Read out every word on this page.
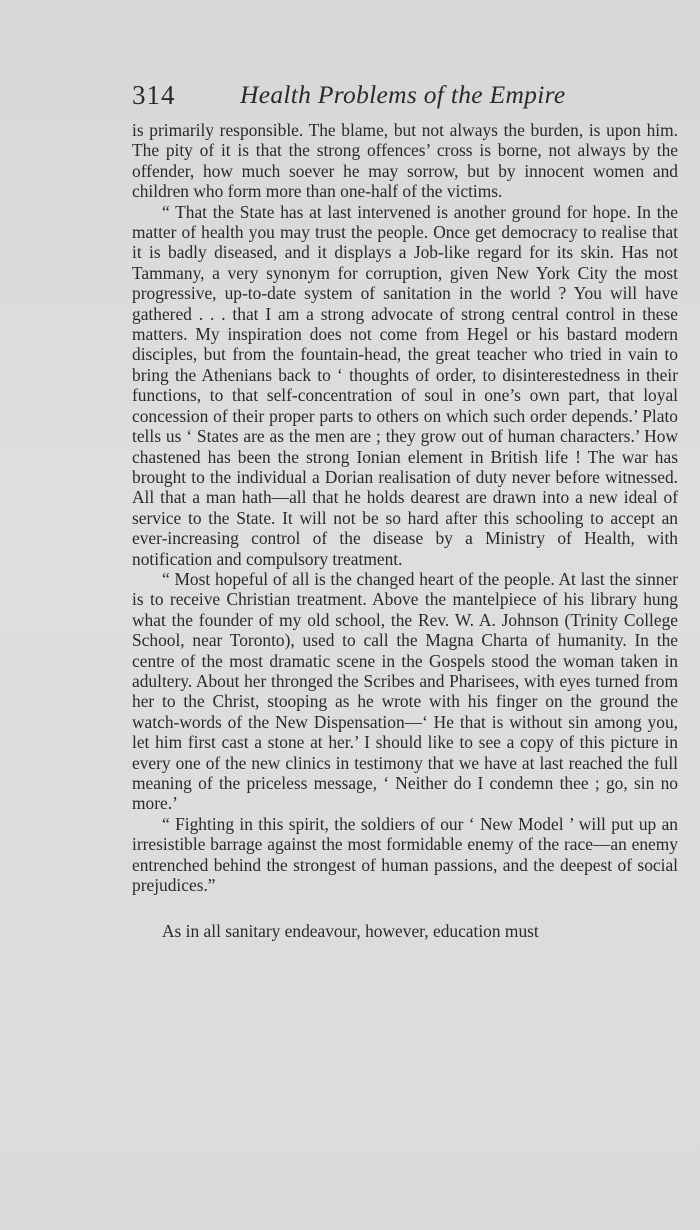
314	Health Problems of the Empire

is primarily responsible. The blame, but not always the burden, is upon him. The pity of it is that the strong offences’ cross is borne, not always by the offender, how much soever he may sorrow, but by innocent women and children who form more than one-half of the victims.

“ That the State has at last intervened is another ground for hope. In the matter of health you may trust the people. Once get democracy to realise that it is badly diseased, and it displays a Job-like regard for its skin. Has not Tammany, a very synonym for corruption, given New York City the most progressive, up-to-date system of sanitation in the world ? You will have gathered . . . that I am a strong advocate of strong central control in these matters. My inspiration does not come from Hegel or his bastard modern disciples, but from the fountain-head, the great teacher who tried in vain to bring the Athenians back to ‘ thoughts of order, to disinterestedness in their functions, to that self-concentration of soul in one’s own part, that loyal concession of their proper parts to others on which such order depends.’ Plato tells us ‘ States are as the men are ; they grow out of human characters.’ How chastened has been the strong Ionian element in British life ! The war has brought to the individual a Dorian realisation of duty never before witnessed. All that a man hath—all that he holds dearest are drawn into a new ideal of service to the State. It will not be so hard after this schooling to accept an ever-increasing control of the disease by a Ministry of Health, with notification and compulsory treatment.

“ Most hopeful of all is the changed heart of the people. At last the sinner is to receive Christian treatment. Above the mantelpiece of his library hung what the founder of my old school, the Rev. W. A. Johnson (Trinity College School, near Toronto), used to call the Magna Charta of humanity. In the centre of the most dramatic scene in the Gospels stood the woman taken in adultery. About her thronged the Scribes and Pharisees, with eyes turned from her to the Christ, stooping as he wrote with his finger on the ground the watch-words of the New Dispensation—‘ He that is without sin among you, let him first cast a stone at her.’ I should like to see a copy of this picture in every one of the new clinics in testimony that we have at last reached the full meaning of the priceless message, ‘ Neither do I condemn thee ; go, sin no more.’

“ Fighting in this spirit, the soldiers of our ‘ New Model ’ will put up an irresistible barrage against the most formidable enemy of the race—an enemy entrenched behind the strongest of human passions, and the deepest of social prejudices.”

As in all sanitary endeavour, however, education must
